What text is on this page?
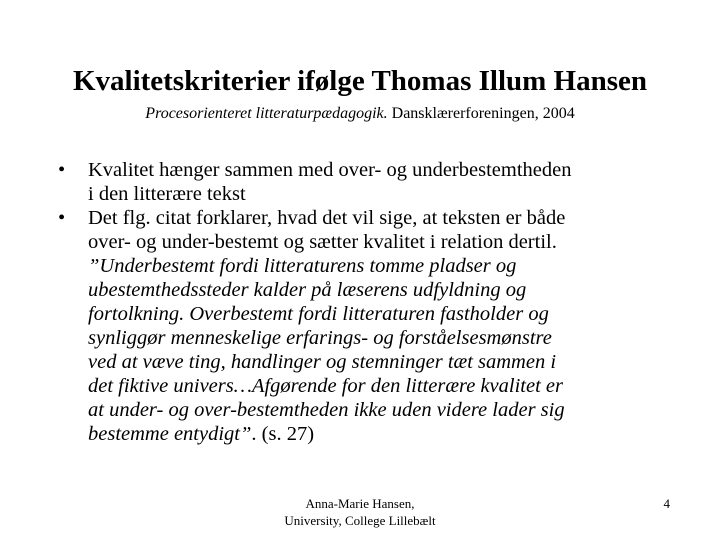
Kvalitetskriterier ifølge Thomas Illum Hansen
Procesorienteret litteraturpædagogik. Dansklærerforeningen, 2004
• Kvalitet hænger sammen med over- og underbestemtheden
i den litterære tekst
• Det flg. citat forklarer, hvad det vil sige, at teksten er både
over- og under-bestemt og sætter kvalitet i relation dertil.
”Underbestemt fordi litteraturens tomme pladser og
ubestemthedssteder kalder på læserens udfyldning og
fortolkning. Overbestemt fordi litteraturen fastholder og
synliggør menneskelige erfarings- og forståelsesmønstre
ved at væve ting, handlinger og stemninger tæt sammen i
det fiktive univers…Afgørende for den litterære kvalitet er
at under- og over-bestemtheden ikke uden videre lader sig
bestemme entydigt”. (s. 27)
Anna-Marie Hansen,
University, College Lillebælt
4
